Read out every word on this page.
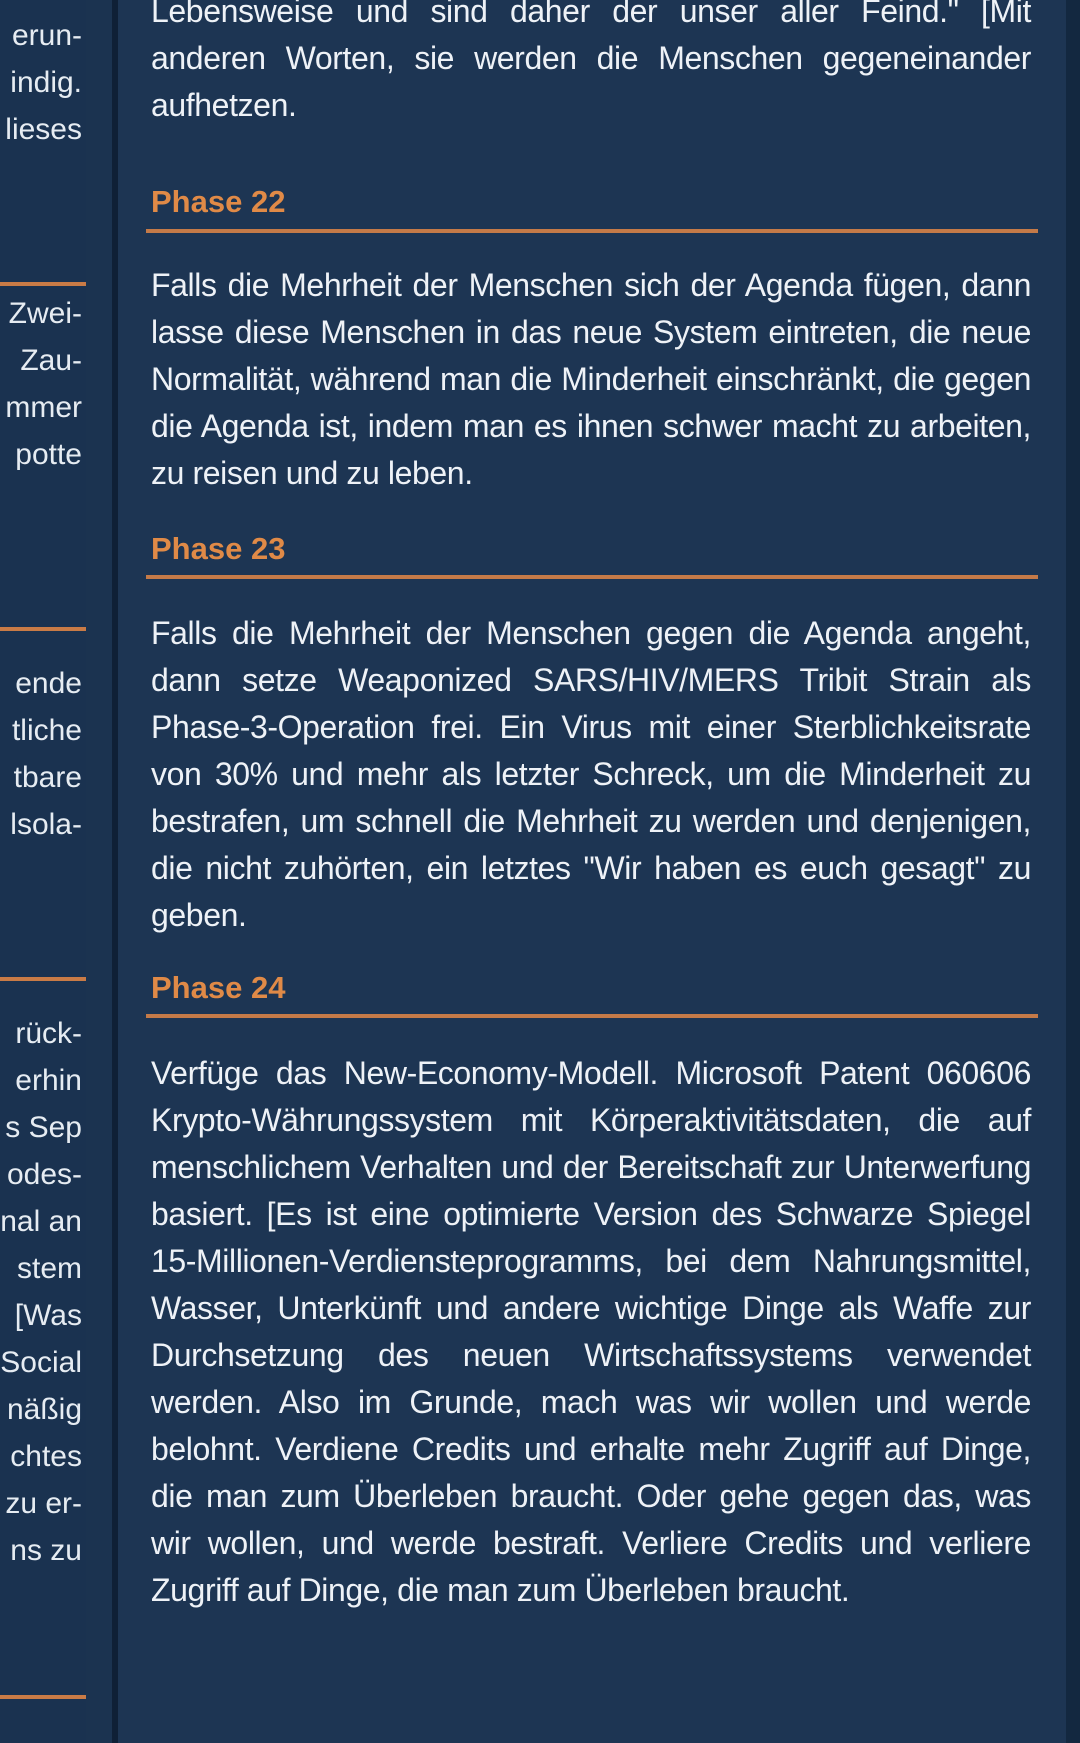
erun-
indig.
lieses
Zwei-
Zau-
mmer
potte
ende
tliche
tbare
lsola-
rück-
erhin
s Sep
odes-
nal an
stem
[Was
Social
näßig
chtes
zu er-
ns zu

Lebensweise und sind daher der unser aller Feind." [Mit anderen Worten, sie werden die Menschen gegeneinander aufhetzen.

Phase 22

Falls die Mehrheit der Menschen sich der Agenda fügen, dann lasse diese Menschen in das neue System eintreten, die neue Normalität, während man die Minderheit einschränkt, die gegen die Agenda ist, indem man es ihnen schwer macht zu arbeiten, zu reisen und zu leben.

Phase 23

Falls die Mehrheit der Menschen gegen die Agenda angeht, dann setze Weaponized SARS/HIV/MERS Tribit Strain als Phase-3-Operation frei. Ein Virus mit einer Sterblichkeitsrate von 30% und mehr als letzter Schreck, um die Minderheit zu bestrafen, um schnell die Mehrheit zu werden und denjenigen, die nicht zuhörten, ein letztes "Wir haben es euch gesagt" zu geben.

Phase 24

Verfüge das New-Economy-Modell. Microsoft Patent 060606 Krypto-Währungssystem mit Körperaktivitätsdaten, die auf menschlichem Verhalten und der Bereitschaft zur Unterwerfung basiert. [Es ist eine optimierte Version des Schwarze Spiegel 15-Millionen-Verdiensteprogramms, bei dem Nahrungsmittel, Wasser, Unterkünft und andere wichtige Dinge als Waffe zur Durchsetzung des neuen Wirtschaftssystems verwendet werden. Also im Grunde, mach was wir wollen und werde belohnt. Verdiene Credits und erhalte mehr Zugriff auf Dinge, die man zum Überleben braucht. Oder gehe gegen das, was wir wollen, und werde bestraft. Verliere Credits und verliere Zugriff auf Dinge, die man zum Überleben braucht.
